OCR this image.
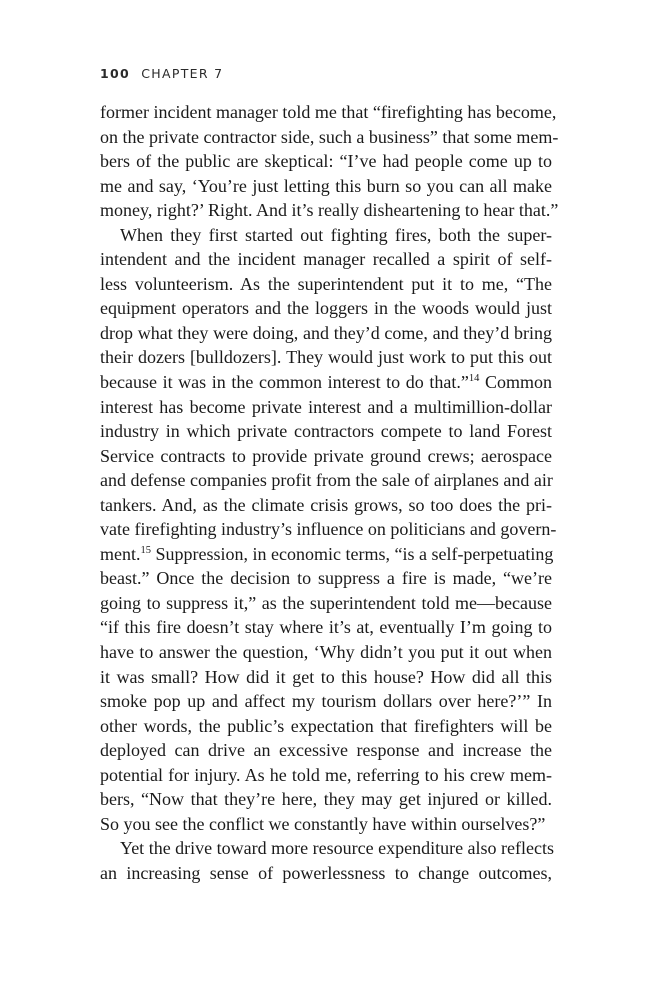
100 CHAPTER 7
former incident manager told me that “firefighting has become,
on the private contractor side, such a business” that some mem-
bers of the public are skeptical: “I’ve had people come up to
me and say, ‘You’re just letting this burn so you can all make
money, right?’ Right. And it’s really disheartening to hear that.”
When they first started out fighting fires, both the super-
intendent and the incident manager recalled a spirit of self-
less volunteerism. As the superintendent put it to me, “The
equipment operators and the loggers in the woods would just
drop what they were doing, and they’d come, and they’d bring
their dozers [bulldozers]. They would just work to put this out
because it was in the common interest to do that.”$^{14}$ Common
interest has become private interest and a multimillion-dollar
industry in which private contractors compete to land Forest
Service contracts to provide private ground crews; aerospace
and defense companies profit from the sale of airplanes and air
tankers. And, as the climate crisis grows, so too does the pri-
vate firefighting industry’s influence on politicians and govern-
ment.$^{15}$ Suppression, in economic terms, “is a self-perpetuating
beast.” Once the decision to suppress a fire is made, “we’re
going to suppress it,” as the superintendent told me—because
“if this fire doesn’t stay where it’s at, eventually I’m going to
have to answer the question, ‘Why didn’t you put it out when
it was small? How did it get to this house? How did all this
smoke pop up and affect my tourism dollars over here?’” In
other words, the public’s expectation that firefighters will be
deployed can drive an excessive response and increase the
potential for injury. As he told me, referring to his crew mem-
bers, “Now that they’re here, they may get injured or killed.
So you see the conflict we constantly have within ourselves?”
Yet the drive toward more resource expenditure also reflects
an increasing sense of powerlessness to change outcomes,
